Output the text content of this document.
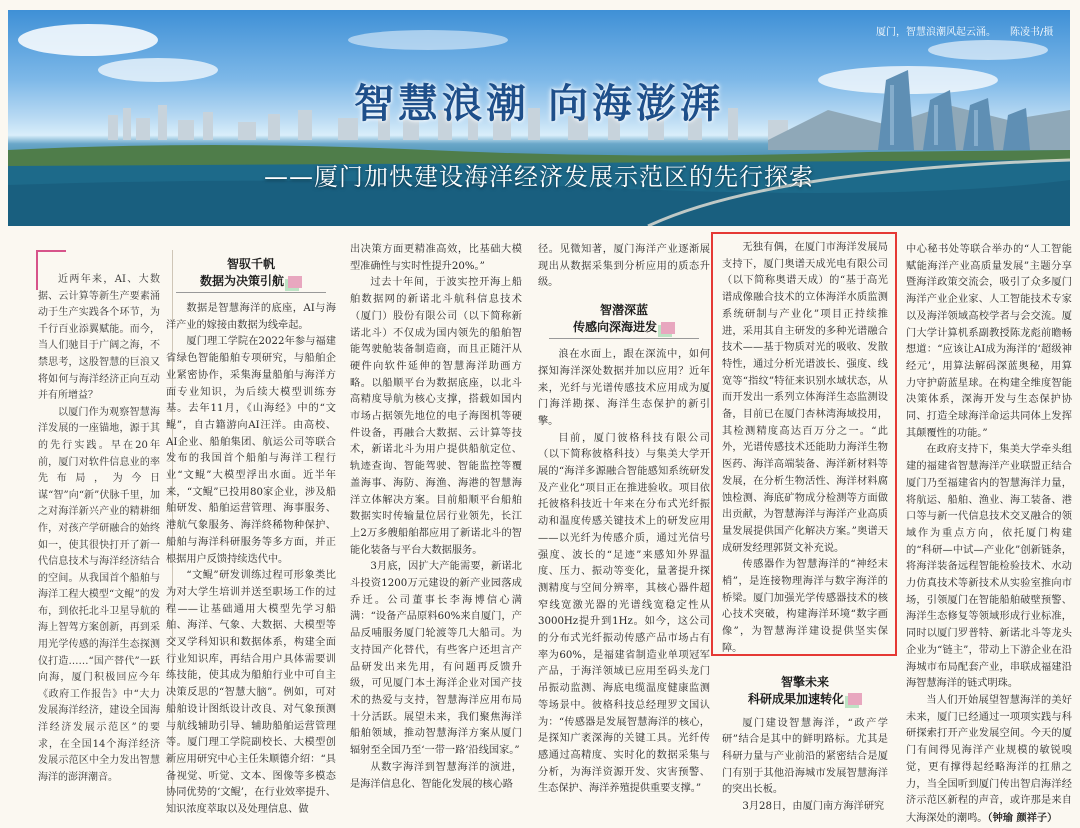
厦门，智慧浪潮风起云涌。 陈凌书/摄
智慧浪潮 向海澎湃
——厦门加快建设海洋经济发展示范区的先行探索

近两年来，AI、大数据、云计算等新生产要素涌动于生产实践各个环节，为千行百业添翼赋能。而今，当人们驰目于广阔之海，不禁思考，这股智慧的巨浪又将如何与海洋经济正向互动并有所增益？

以厦门作为观察智慧海洋发展的一座锚地，源于其的先行实践。早在20年前，厦门对软件信息业的率先布局，为今日谋“智”向“新”伏脉千里，加之对海洋新兴产业的精耕细作，对孩产学研融合的始终如一，使其很快打开了新一代信息技术与海洋经济结合的空间。从我国首个船舶与海洋工程大模型“文鲲”的发布，到依托北斗卫星导航的海上智驾方案创新，再到采用光学传感的海洋生态探测仪打造……“国产替代”一跃向海，厦门积极回应今年《政府工作报告》中“大力发展海洋经济，建设全国海洋经济发展示范区”的要求，在全国14个海洋经济发展示范区中全力发出智慧海洋的澎湃潮音。

智驭千帆
数据为决策引航

数据是智慧海洋的底座，AI与海洋产业的嫁接由数据为线牵起。

厦门理工学院在2022年参与福建省绿色智能船舶专项研究，与船舶企业紧密协作，采集海量船舶与海洋方面专业知识，为后续大模型训练夯基。去年11月，《山海经》中的“文鲲”，自古籍游向AI汪洋。由高校、AI企业、船舶集团、航运公司等联合发布的我国首个船舶与海洋工程行业“文鲲”大模型浮出水面。近半年来，“文鲲”已投用80家企业，涉及船舶研发、船舶运营管理、海事服务、港航气象服务、海洋終稀物种保护、船舶与海洋科研服务等多方面，并正根据用户反馈持续迭代中。

“文鲲”研发训练过程可形象类比为对大学生培训并送至职场工作的过程——让基础通用大模型先学习船舶、海洋、气象、大数据、大模型等交叉学科知识和数据体系，构建全面行业知识库，再结合用户具体需要训练技能，使其成为船舶行业中可自主决策反思的“智慧大脑”。例如，可对船舶设计图纸设计改良、对气象预测与航线辅助引导、辅助船舶运营管理等。厦门理工学院副校长、大模型创新应用研究中心主任朱顺德介绍：“具备视觉、听觉、文本、图像等多模态协同优势的‘文鲲’，在行业效率提升、知识浓度萃取以及处理信息、做

出决策方面更精准高效，比基础大模型准确性与实时性提升20%。”

过去十年间，于波实控开海上船舶数据网的新诺北斗航科信息技术（厦门）股份有限公司（以下简称新诺北斗）不仅成为国内领先的船舶智能驾驶舱装备制造商，而且正随汗从硬件向软件延伸的智慧海洋助画方略。以船顺平台为数据底座，以北斗高精度导航为核心支撑，搭载如国内市场占据领先地位的电子海图机等硬件设备，再融合大数据、云计算等技术，新诺北斗为用户提供船航定位、轨迹查询、智能驾驶、智能监控等覆盖海事、海防、海渔、海港的智慧海洋立体解决方案。目前船顺平台船舶数据实时传输量位居行业领先，长江上2万多艘船舶都应用了新诺北斗的智能化装备与平台大数据服务。

3月底，因扩大产能需要，新诺北斗投资1200万元建设的新产业园落成乔迁。公司董事长李海博信心满满：“设备产品原料60%来自厦门，产品反哺服务厦门轮渡等几大船司。为支持国产化替代，有些客户还坦言产品研发出来先用，有问题再反馈升级，可见厦门本土海洋企业对国产技术的热爱与支持，智慧海洋应用布局十分活跃。展望未来，我们聚焦海洋船舶领域，推动智慧海洋方案从厦门辐射至全国乃至‘一带一路’沿线国家。”

从数字海洋到智慧海洋的演进，是海洋信息化、智能化发展的核心路

径。见微知著，厦门海洋产业逐渐展现出从数据采集到分析应用的质态升级。

智潜深蓝
传感向深海进发

浪在水面上，跟在深流中，如何探知海洋深处数据并加以应用？近年来，光纤与光谱传感技术应用成为厦门海洋勘探、海洋生态保护的新引擎。

目前，厦门彼格科技有限公司（以下简称彼格科技）与集美大学开展的“海洋多源融合智能感知系统研发及产业化”项目正在推进验收。项目依托彼格科技近十年来在分布式光纤振动和温度传感关键技术上的研发应用——以光纤为传感介质，通过光信号强度、波长的“足迹”来感知外界温度、压力、振动等变化，量著提升探测精度与空间分辨率，其核心器件超窄线宽激光器的光谱线宽稳定性从3000Hz提升到1Hz。如今，这公司的分布式光纤振动传感产品市场占有率为60%，是福建省制造业单项冠军产品，于海洋领域已应用至码头龙门吊振动监测、海底电缆温度健康监测等场景中。彼格科技总经理罗文国认为：“传感器是发展智慧海洋的核心，是探知广袤深海的关键工具。光纤传感通过高精度、实时化的数据采集与分析，为海洋资源开发、灾害预警、生态保护、海洋养殖提供重要支撑。”

无独有偶，在厦门市海洋发展局支持下，厦门奥谱天成光电有限公司（以下简称奥谱天成）的“基于高光谱成像融合技术的立体海洋水质监测系统研制与产业化”项目正持续推进，采用其自主研发的多种光谱融合技术——基于物质对光的吸收、发散特性，通过分析光谱波长、强度、线宽等“指纹”特征来识别水域状态，从而开发出一系列立体海洋生态监测设备，目前已在厦门杏林湾海域投用，其检测精度高达百万分之一。“此外，光谱传感技术还能助力海洋生物医药、海洋高端装备、海洋新材料等发展，在分析生物活性、海洋材料腐蚀检测、海底矿物成分检测等方面做出贡献，为智慧海洋与海洋产业高质量发展提供国产化解决方案。”奥谱天成研发经理郭贤文补充说。

传感器作为智慧海洋的“神经末梢”，是连接物理海洋与数字海洋的桥梁。厦门加强光学传感器技术的核心技术突破，构建海洋环境“数字画像”，为智慧海洋建设提供坚实保障。

智擎未来
科研成果加速转化

厦门建设智慧海洋，“政产学研”结合是其中的鲜明路标。尤其是科研力量与产业前沿的紧密结合是厦门有别于其他沿海城市发展智慧海洋的突出长板。

3月28日，由厦门南方海洋研究

中心秘书处等联合举办的“人工智能赋能海洋产业高质量发展”主题分享暨海洋政策交流会，吸引了众多厦门海洋产业企业家、人工智能技术专家以及海洋领域高校学者与会交流。厦门大学计算机系副教授陈龙彪前瞻畅想道：“应该让AI成为海洋的‘超级神经元’，用算法解码深蓝奥秘，用算力守护蔚蓝星球。在构建全维度智能决策体系，深海开发与生态保护协同、打造全球海洋命运共同体上发挥其颠覆性的功能。”

在政府支持下，集美大学牵头组建的福建省智慧海洋产业联盟正结合厦门乃至福建省内的智慧海洋力量，将航运、船舶、渔业、海工装备、港口等与新一代信息技术交叉融合的领域作为重点方向，依托厦门构建的“科研—中试—产业化”创新链条，将海洋装备远程智能检验技术、水动力仿真技术等新技术从实验室推向市场，引领厦门在智能船舶破壁预警、海洋生态修复等领域形成行业标准，同时以厦门罗普特、新诺北斗等龙头企业为“链主”，带动上下游企业在沿海城市布局配套产业，串联成福建沿海智慧海洋的链式明珠。

当人们开始展望智慧海洋的美好未来，厦门已经通过一项项实践与科研探索打开产业发展空间。今天的厦门有间得见海洋产业规模的敏锐嗅觉，更有撑得起经略海洋的扛鼎之力，当全国听到厦门传出智启海洋经济示范区新程的声音，或许那是来自大海深处的潮鸣。（钟瑜 颜祥子）
